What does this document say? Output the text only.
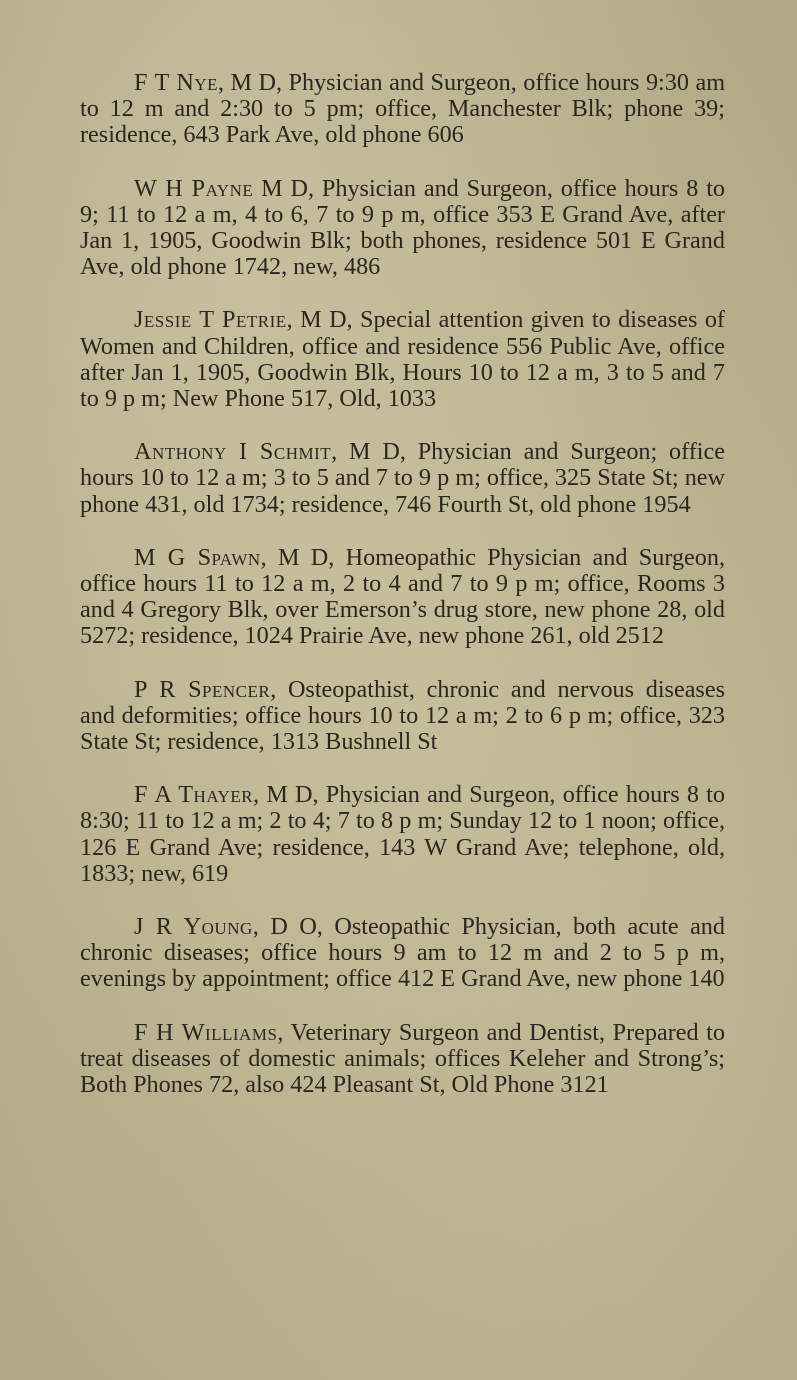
F T Nye, M D, Physician and Surgeon, office hours 9:30 am to 12 m and 2:30 to 5 pm; office, Manchester Blk; phone 39; residence, 643 Park Ave, old phone 606

W H Payne M D, Physician and Surgeon, office hours 8 to 9; 11 to 12 a m, 4 to 6, 7 to 9 p m, office 353 E Grand Ave, after Jan 1, 1905, Goodwin Blk; both phones, residence 501 E Grand Ave, old phone 1742, new, 486

Jessie T Petrie, M D, Special attention given to diseases of Women and Children, office and residence 556 Public Ave, office after Jan 1, 1905, Goodwin Blk, Hours 10 to 12 a m, 3 to 5 and 7 to 9 p m; New Phone 517, Old, 1033

Anthony I Schmit, M D, Physician and Surgeon; office hours 10 to 12 a m; 3 to 5 and 7 to 9 p m; office, 325 State St; new phone 431, old 1734; residence, 746 Fourth St, old phone 1954

M G Spawn, M D, Homeopathic Physician and Surgeon, office hours 11 to 12 a m, 2 to 4 and 7 to 9 p m; office, Rooms 3 and 4 Gregory Blk, over Emerson’s drug store, new phone 28, old 5272; residence, 1024 Prairie Ave, new phone 261, old 2512

P R Spencer, Osteopathist, chronic and nervous diseases and deformities; office hours 10 to 12 a m; 2 to 6 p m; office, 323 State St; residence, 1313 Bushnell St

F A Thayer, M D, Physician and Surgeon, office hours 8 to 8:30; 11 to 12 a m; 2 to 4; 7 to 8 p m; Sunday 12 to 1 noon; office, 126 E Grand Ave; residence, 143 W Grand Ave; telephone, old, 1833; new, 619

J R Young, D O, Osteopathic Physician, both acute and chronic diseases; office hours 9 am to 12 m and 2 to 5 p m, evenings by appointment; office 412 E Grand Ave, new phone 140

F H Williams, Veterinary Surgeon and Dentist, Prepared to treat diseases of domestic animals; offices Keleher and Strong’s; Both Phones 72, also 424 Pleasant St, Old Phone 3121
